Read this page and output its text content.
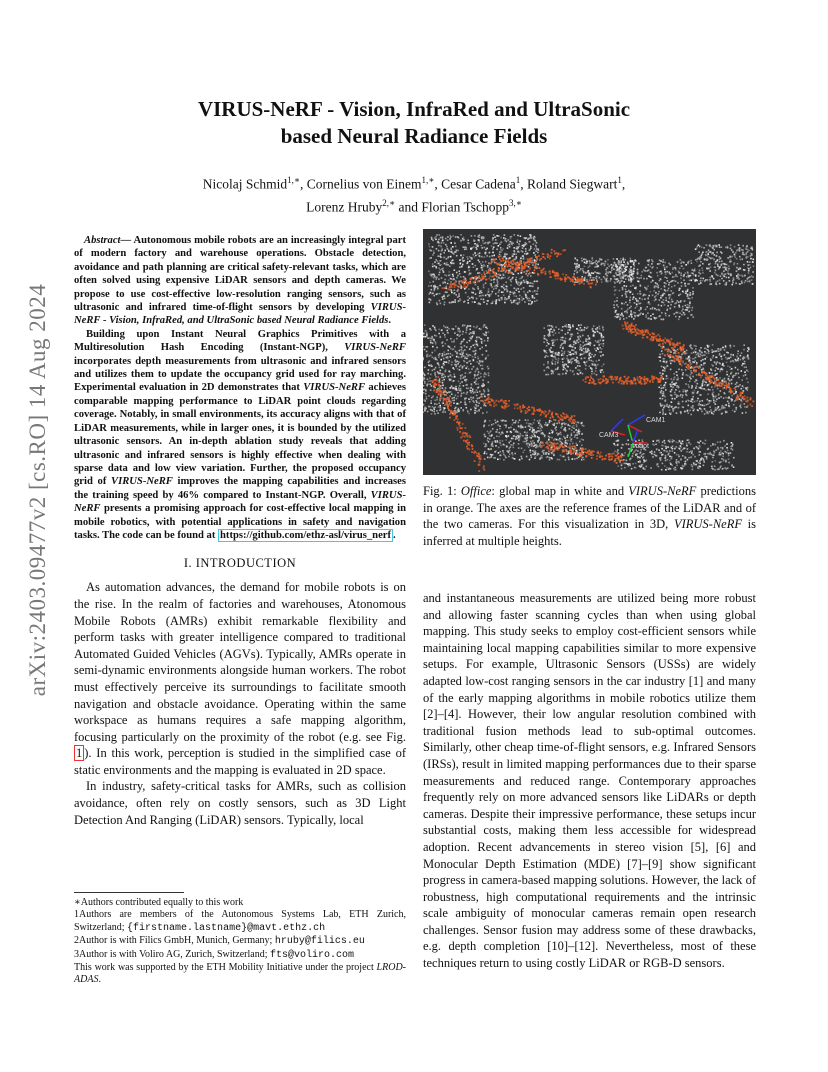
arXiv:2403.09477v2 [cs.RO] 14 Aug 2024
VIRUS-NeRF - Vision, InfraRed and UltraSonic
based Neural Radiance Fields
Nicolaj Schmid$^{1,∗}$, Cornelius von Einem$^{1,∗}$, Cesar Cadena$^1$, Roland Siegwart$^1$,
Lorenz Hruby$^{2,∗}$ and Florian Tschopp$^{3,∗}$

Abstract— Autonomous mobile robots are an increasingly integral part of modern factory and warehouse operations. Obstacle detection, avoidance and path planning are critical safety-relevant tasks, which are often solved using expensive LiDAR sensors and depth cameras. We propose to use cost-effective low-resolution ranging sensors, such as ultrasonic and infrared time-of-flight sensors by developing VIRUS-NeRF - Vision, InfraRed, and UltraSonic based Neural Radiance Fields.

Building upon Instant Neural Graphics Primitives with a Multiresolution Hash Encoding (Instant-NGP), VIRUS-NeRF incorporates depth measurements from ultrasonic and infrared sensors and utilizes them to update the occupancy grid used for ray marching. Experimental evaluation in 2D demonstrates that VIRUS-NeRF achieves comparable mapping performance to LiDAR point clouds regarding coverage. Notably, in small environments, its accuracy aligns with that of LiDAR measurements, while in larger ones, it is bounded by the utilized ultrasonic sensors. An in-depth ablation study reveals that adding ultrasonic and infrared sensors is highly effective when dealing with sparse data and low view variation. Further, the proposed occupancy grid of VIRUS-NeRF improves the mapping capabilities and increases the training speed by 46% compared to Instant-NGP. Overall, VIRUS-NeRF presents a promising approach for cost-effective local mapping in mobile robotics, with potential applications in safety and navigation tasks. The code can be found at https://github.com/ethz-asl/virus_nerf .

I. INTRODUCTION

As automation advances, the demand for mobile robots is on the rise. In the realm of factories and warehouses, Atonomous Mobile Robots (AMRs) exhibit remarkable flexibility and perform tasks with greater intelligence compared to traditional Automated Guided Vehicles (AGVs). Typically, AMRs operate in semi-dynamic environments alongside human workers. The robot must effectively perceive its surroundings to facilitate smooth navigation and obstacle avoidance. Operating within the same workspace as humans requires a safe mapping algorithm, focusing particularly on the proximity of the robot (e.g. see Fig. 1 ). In this work, perception is studied in the simplified case of static environments and the mapping is evaluated in 2D space.

In industry, safety-critical tasks for AMRs, such as collision avoidance, often rely on costly sensors, such as 3D Light Detection And Ranging (LiDAR) sensors. Typically, local

∗Authors contributed equally to this work

1Authors are members of the Autonomous Systems Lab, ETH Zurich, Switzerland; {firstname.lastname}@mavt.ethz.ch

2Author is with Filics GmbH, Munich, Germany; hruby@filics.eu

3Author is with Voliro AG, Zurich, Switzerland; fts@voliro.com

This work was supported by the ETH Mobility Initiative under the project LROD-ADAS.

CAM1
CAM3
robot
Fig. 1: Office: global map in white and VIRUS-NeRF predictions in orange. The axes are the reference frames of the LiDAR and of the two cameras. For this visualization in 3D, VIRUS-NeRF is inferred at multiple heights.

and instantaneous measurements are utilized being more robust and allowing faster scanning cycles than when using global mapping. This study seeks to employ cost-efficient sensors while maintaining local mapping capabilities similar to more expensive setups. For example, Ultrasonic Sensors (USSs) are widely adapted low-cost ranging sensors in the car industry [1] and many of the early mapping algorithms in mobile robotics utilize them [2]–[4]. However, their low angular resolution combined with traditional fusion methods lead to sub-optimal outcomes. Similarly, other cheap time-of-flight sensors, e.g. Infrared Sensors (IRSs), result in limited mapping performances due to their sparse measurements and reduced range. Contemporary approaches frequently rely on more advanced sensors like LiDARs or depth cameras. Despite their impressive performance, these setups incur substantial costs, making them less accessible for widespread adoption. Recent advancements in stereo vision [5], [6] and Monocular Depth Estimation (MDE) [7]–[9] show significant progress in camera-based mapping solutions. However, the lack of robustness, high computational requirements and the intrinsic scale ambiguity of monocular cameras remain open research challenges. Sensor fusion may address some of these drawbacks, e.g. depth completion [10]–[12]. Nevertheless, most of these techniques return to using costly LiDAR or RGB-D sensors.
